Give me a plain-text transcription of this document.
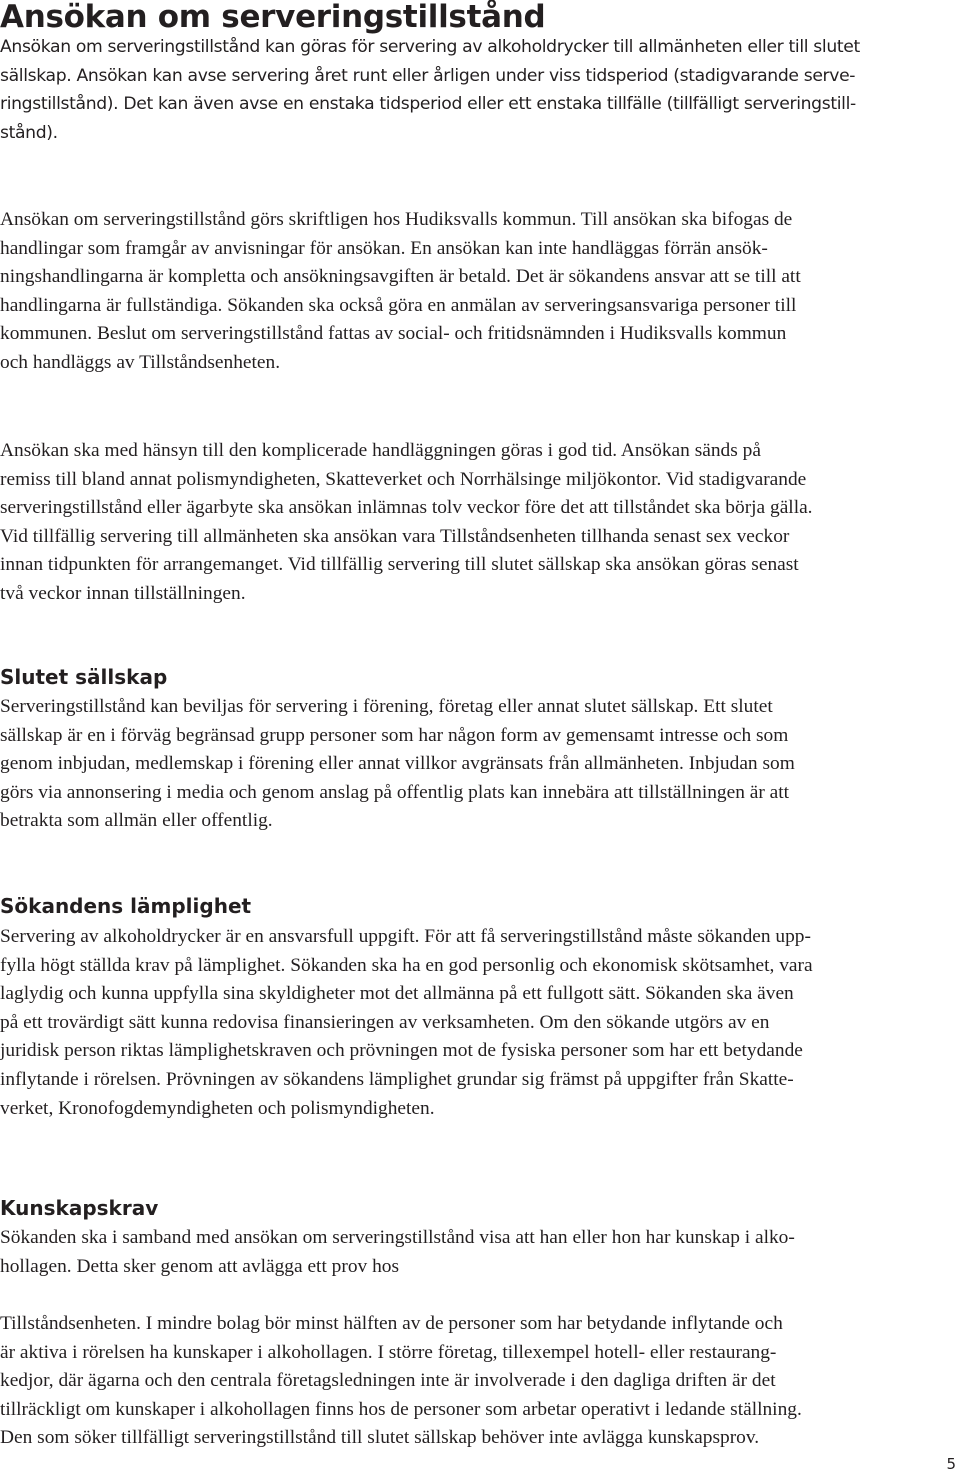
Ansökan om serveringstillstånd

Ansökan om serveringstillstånd kan göras för servering av alkoholdrycker till allmänheten eller till slutet
sällskap. Ansökan kan avse servering året runt eller årligen under viss tidsperiod (stadigvarande serve-
ringstillstånd). Det kan även avse en enstaka tidsperiod eller ett enstaka tillfälle (tillfälligt serveringstill-
stånd).

Ansökan om serveringstillstånd görs skriftligen hos Hudiksvalls kommun. Till ansökan ska bifogas de
handlingar som framgår av anvisningar för ansökan. En ansökan kan inte handläggas förrän ansök-
ningshandlingarna är kompletta och ansökningsavgiften är betald. Det är sökandens ansvar att se till att
handlingarna är fullständiga. Sökanden ska också göra en anmälan av serveringsansvariga personer till
kommunen. Beslut om serveringstillstånd fattas av social- och fritidsnämnden i Hudiksvalls kommun
och handläggs av Tillståndsenheten.

Ansökan ska med hänsyn till den komplicerade handläggningen göras i god tid. Ansökan sänds på
remiss till bland annat polismyndigheten, Skatteverket och Norrhälsinge miljökontor. Vid stadigvarande
serveringstillstånd eller ägarbyte ska ansökan inlämnas tolv veckor före det att tillståndet ska börja gälla.
Vid tillfällig servering till allmänheten ska ansökan vara Tillståndsenheten tillhanda senast sex veckor
innan tidpunkten för arrangemanget. Vid tillfällig servering till slutet sällskap ska ansökan göras senast
två veckor innan tillställningen.

Slutet sällskap

Serveringstillstånd kan beviljas för servering i förening, företag eller annat slutet sällskap. Ett slutet
sällskap är en i förväg begränsad grupp personer som har någon form av gemensamt intresse och som
genom inbjudan, medlemskap i förening eller annat villkor avgränsats från allmänheten. Inbjudan som
görs via annonsering i media och genom anslag på offentlig plats kan innebära att tillställningen är att
betrakta som allmän eller offentlig.

Sökandens lämplighet

Servering av alkoholdrycker är en ansvarsfull uppgift. För att få serveringstillstånd måste sökanden upp-
fylla högt ställda krav på lämplighet. Sökanden ska ha en god personlig och ekonomisk skötsamhet, vara
laglydig och kunna uppfylla sina skyldigheter mot det allmänna på ett fullgott sätt. Sökanden ska även
på ett trovärdigt sätt kunna redovisa finansieringen av verksamheten. Om den sökande utgörs av en
juridisk person riktas lämplighetskraven och prövningen mot de fysiska personer som har ett betydande
inflytande i rörelsen. Prövningen av sökandens lämplighet grundar sig främst på uppgifter från Skatte-
verket, Kronofogdemyndigheten och polismyndigheten.

Kunskapskrav

Sökanden ska i samband med ansökan om serveringstillstånd visa att han eller hon har kunskap i alko-
hollagen. Detta sker genom att avlägga ett prov hos

Tillståndsenheten. I mindre bolag bör minst hälften av de personer som har betydande inflytande och
är aktiva i rörelsen ha kunskaper i alkohollagen. I större företag, tillexempel hotell- eller restaurang-
kedjor, där ägarna och den centrala företagsledningen inte är involverade i den dagliga driften är det
tillräckligt om kunskaper i alkohollagen finns hos de personer som arbetar operativt i ledande ställning.
Den som söker tillfälligt serveringstillstånd till slutet sällskap behöver inte avlägga kunskapsprov.

5
